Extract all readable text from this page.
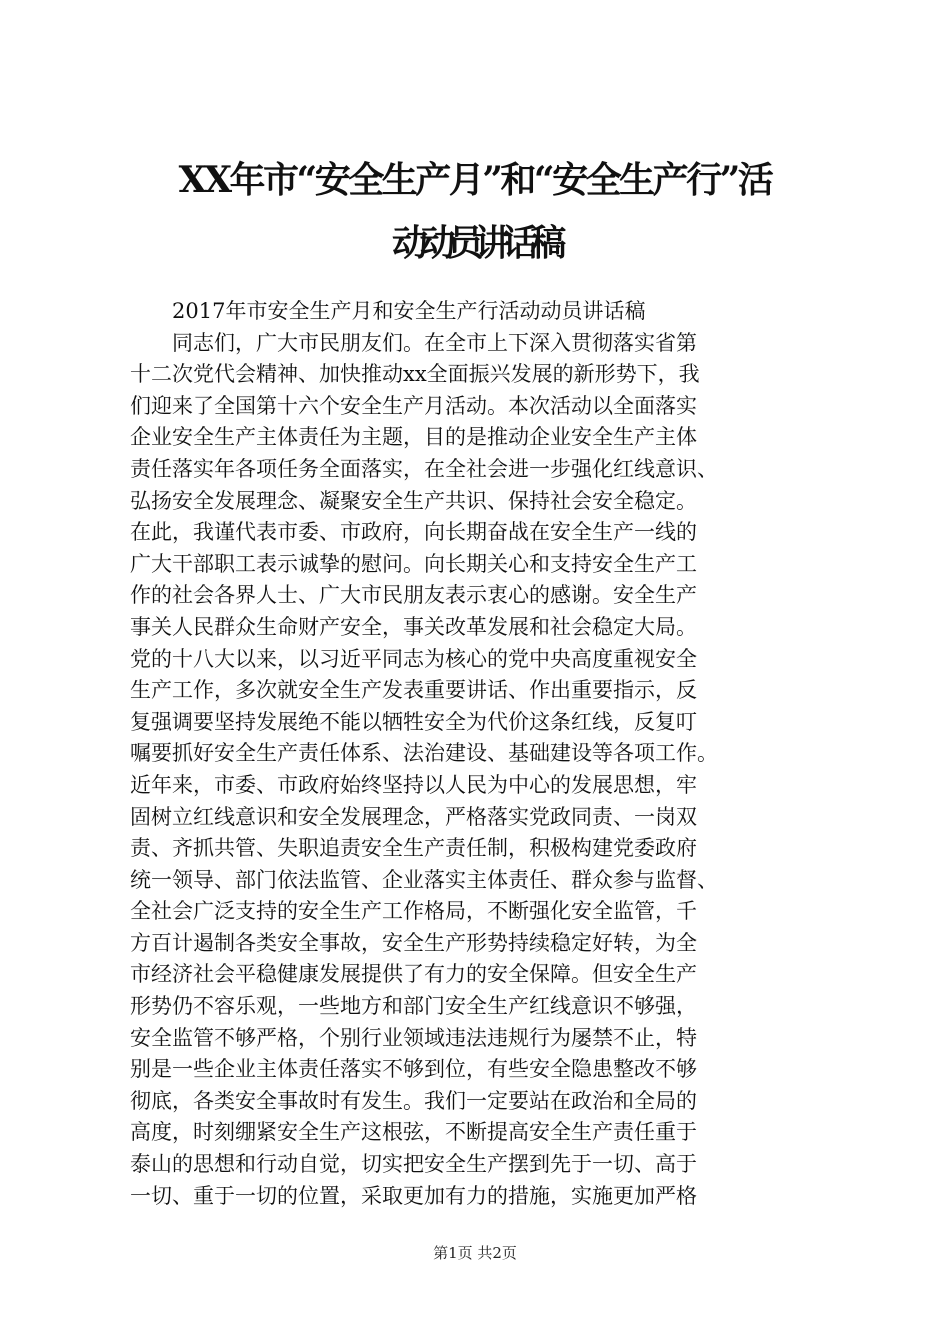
XX年市“安全生产月”和“安全生产行”活
动动员讲话稿
　　2017年市安全生产月和安全生产行活动动员讲话稿
　　同志们，广大市民朋友们。在全市上下深入贯彻落实省第
十二次党代会精神、加快推动xx全面振兴发展的新形势下，我
们迎来了全国第十六个安全生产月活动。本次活动以全面落实
企业安全生产主体责任为主题，目的是推动企业安全生产主体
责任落实年各项任务全面落实，在全社会进一步强化红线意识、
弘扬安全发展理念、凝聚安全生产共识、保持社会安全稳定。
在此，我谨代表市委、市政府，向长期奋战在安全生产一线的
广大干部职工表示诚挚的慰问。向长期关心和支持安全生产工
作的社会各界人士、广大市民朋友表示衷心的感谢。安全生产
事关人民群众生命财产安全，事关改革发展和社会稳定大局。
党的十八大以来，以习近平同志为核心的党中央高度重视安全
生产工作，多次就安全生产发表重要讲话、作出重要指示，反
复强调要坚持发展绝不能以牺牲安全为代价这条红线，反复叮
嘱要抓好安全生产责任体系、法治建设、基础建设等各项工作。
近年来，市委、市政府始终坚持以人民为中心的发展思想，牢
固树立红线意识和安全发展理念，严格落实党政同责、一岗双
责、齐抓共管、失职追责安全生产责任制，积极构建党委政府
统一领导、部门依法监管、企业落实主体责任、群众参与监督、
全社会广泛支持的安全生产工作格局，不断强化安全监管，千
方百计遏制各类安全事故，安全生产形势持续稳定好转，为全
市经济社会平稳健康发展提供了有力的安全保障。但安全生产
形势仍不容乐观，一些地方和部门安全生产红线意识不够强，
安全监管不够严格，个别行业领域违法违规行为屡禁不止，特
别是一些企业主体责任落实不够到位，有些安全隐患整改不够
彻底，各类安全事故时有发生。我们一定要站在政治和全局的
高度，时刻绷紧安全生产这根弦，不断提高安全生产责任重于
泰山的思想和行动自觉，切实把安全生产摆到先于一切、高于
一切、重于一切的位置，采取更加有力的措施，实施更加严格
第1页 共2页
